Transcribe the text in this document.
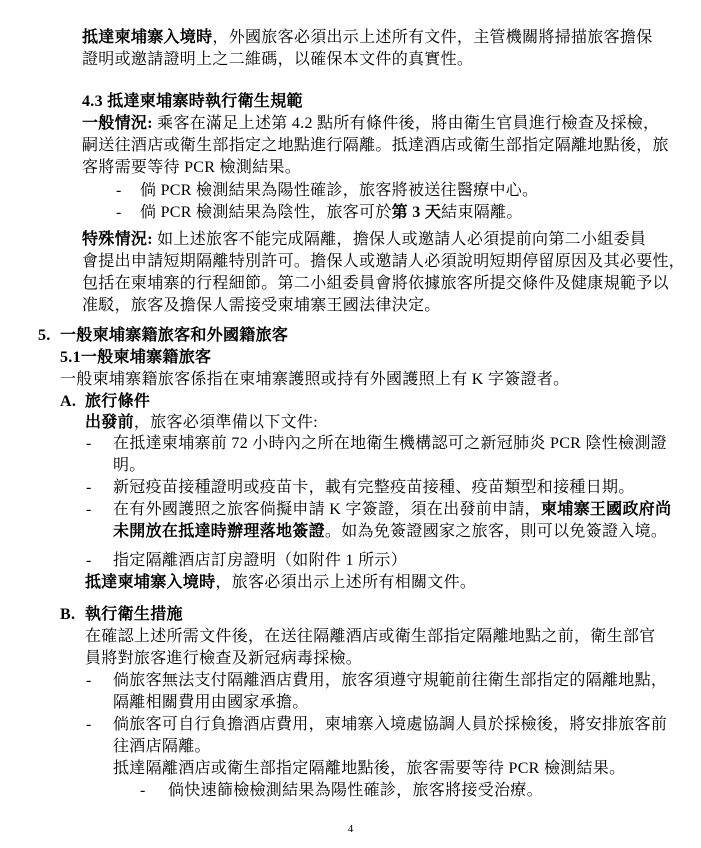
抵達柬埔寨入境時，外國旅客必須出示上述所有文件，主管機關將掃描旅客擔保
證明或邀請證明上之二維碼，以確保本文件的真實性。
4.3 抵達柬埔寨時執行衛生規範
一般情況: 乘客在滿足上述第 4.2 點所有條件後，將由衛生官員進行檢查及採檢，
嗣送往酒店或衛生部指定之地點進行隔離。抵達酒店或衛生部指定隔離地點後，旅
客將需要等待 PCR 檢測結果。
- 倘 PCR 檢測結果為陽性確診，旅客將被送往醫療中心。
- 倘 PCR 檢測結果為陰性，旅客可於第 3 天結束隔離。
特殊情況: 如上述旅客不能完成隔離，擔保人或邀請人必須提前向第二小組委員
會提出申請短期隔離特別許可。擔保人或邀請人必須說明短期停留原因及其必要性，
包括在柬埔寨的行程細節。第二小組委員會將依據旅客所提交條件及健康規範予以
准駁，旅客及擔保人需接受柬埔寨王國法律決定。
5. 一般柬埔寨籍旅客和外國籍旅客
5.1一般柬埔寨籍旅客
一般柬埔寨籍旅客係指在柬埔寨護照或持有外國護照上有 K 字簽證者。
A. 旅行條件
出發前，旅客必須準備以下文件:
- 在抵達柬埔寨前 72 小時內之所在地衛生機構認可之新冠肺炎 PCR 陰性檢測證
明。
- 新冠疫苗接種證明或疫苗卡，載有完整疫苗接種、疫苗類型和接種日期。
- 在有外國護照之旅客倘擬申請 K 字簽證，須在出發前申請，柬埔寨王國政府尚
未開放在抵達時辦理落地簽證。如為免簽證國家之旅客，則可以免簽證入境。
- 指定隔離酒店訂房證明（如附件 1 所示）
抵達柬埔寨入境時，旅客必須出示上述所有相關文件。
B. 執行衛生措施
在確認上述所需文件後，在送往隔離酒店或衛生部指定隔離地點之前，衛生部官
員將對旅客進行檢查及新冠病毒採檢。
- 倘旅客無法支付隔離酒店費用，旅客須遵守規範前往衛生部指定的隔離地點，
隔離相關費用由國家承擔。
- 倘旅客可自行負擔酒店費用，柬埔寨入境處協調人員於採檢後，將安排旅客前
往酒店隔離。
抵達隔離酒店或衛生部指定隔離地點後，旅客需要等待 PCR 檢測結果。
- 倘快速篩檢檢測結果為陽性確診，旅客將接受治療。
4
